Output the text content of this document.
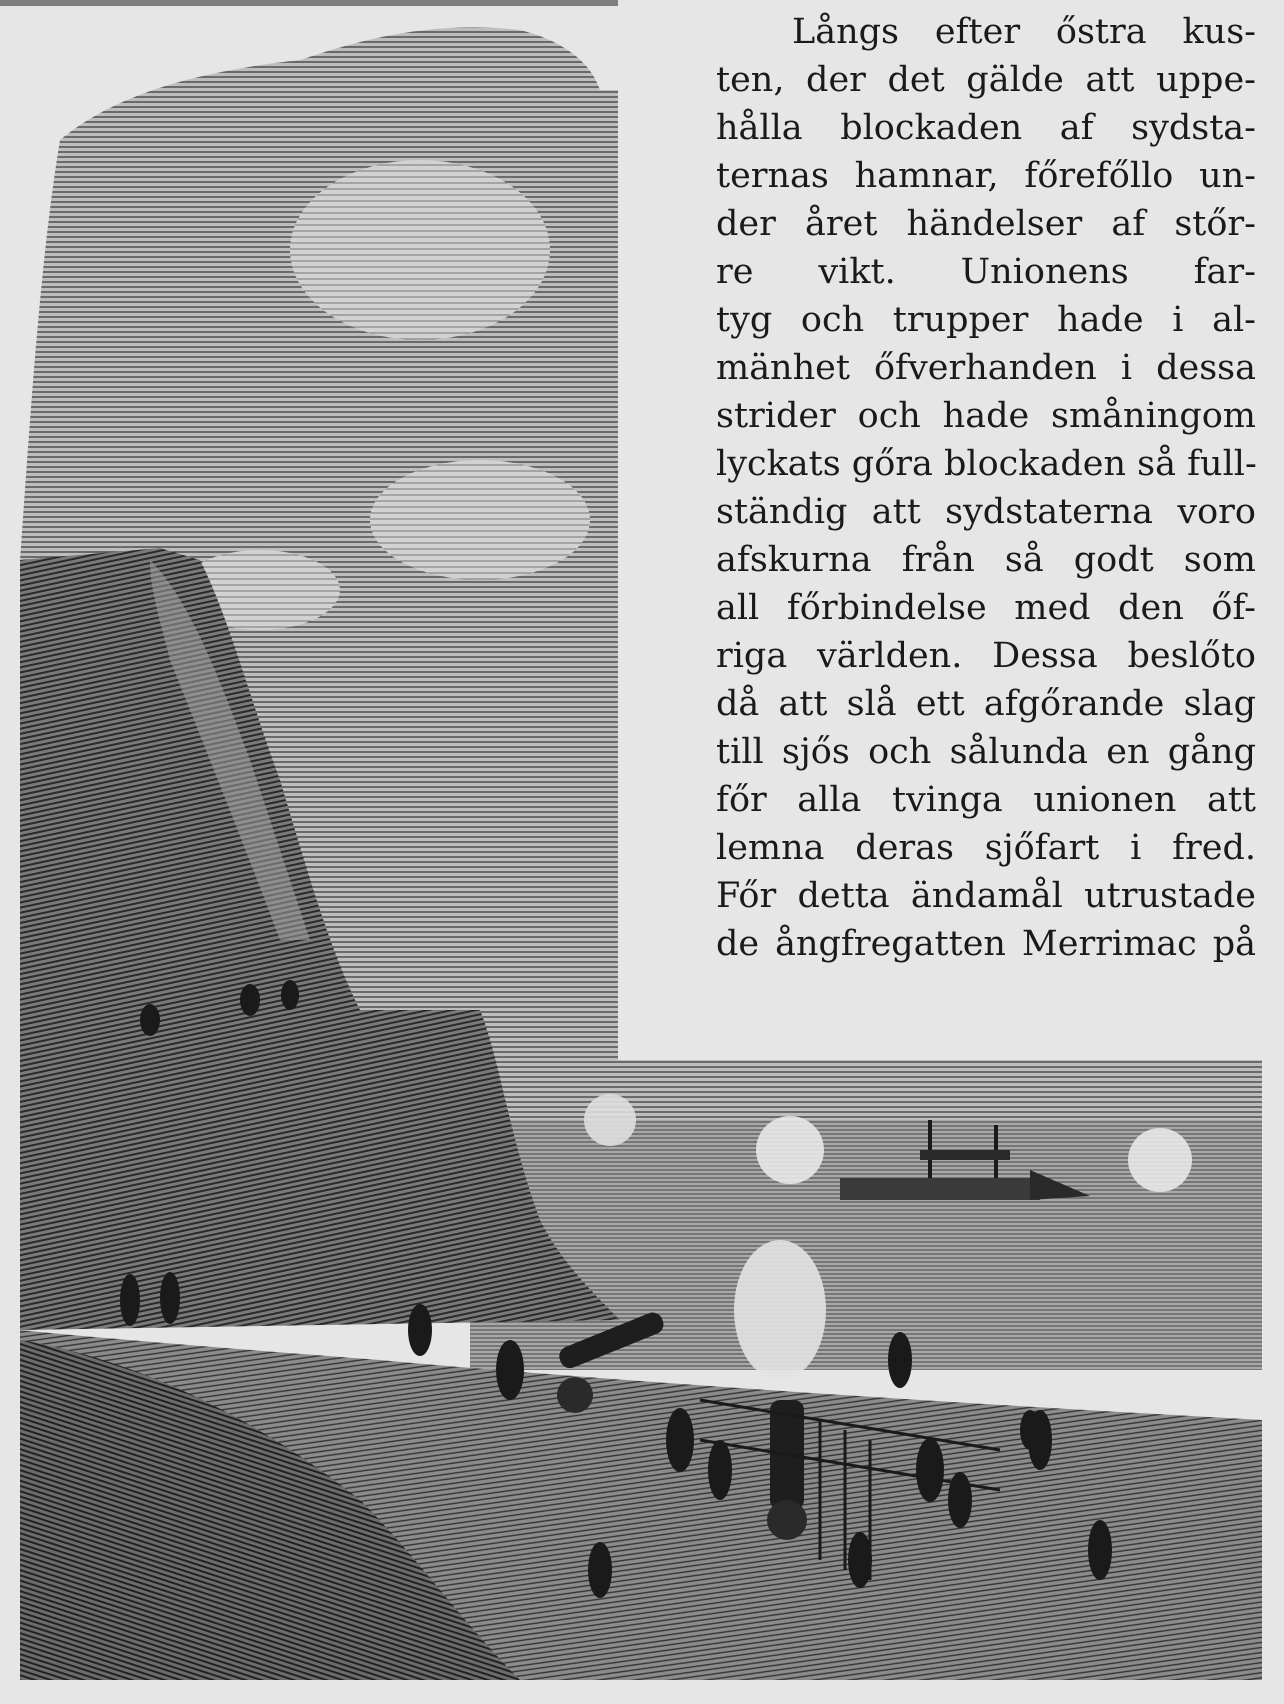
Långs efter őstra kus-
ten, der det gälde att uppe-
hålla blockaden af sydsta-
ternas hamnar, főrefőllo un-
der året händelser af stőr-
re vikt. Unionens far-
tyg och trupper hade i al-
mänhet őfverhanden i dessa
strider och hade småningom
lyckats gőra blockaden så full-
ständig att sydstaterna voro
afskurna från så godt som
all főrbindelse med den őf-
riga världen. Dessa beslőto
då att slå ett afgőrande slag
till sjős och sålunda en gång
főr alla tvinga unionen att
lemna deras sjőfart i fred.
Főr detta ändamål utrustade
de ångfregatten Merrimac på
